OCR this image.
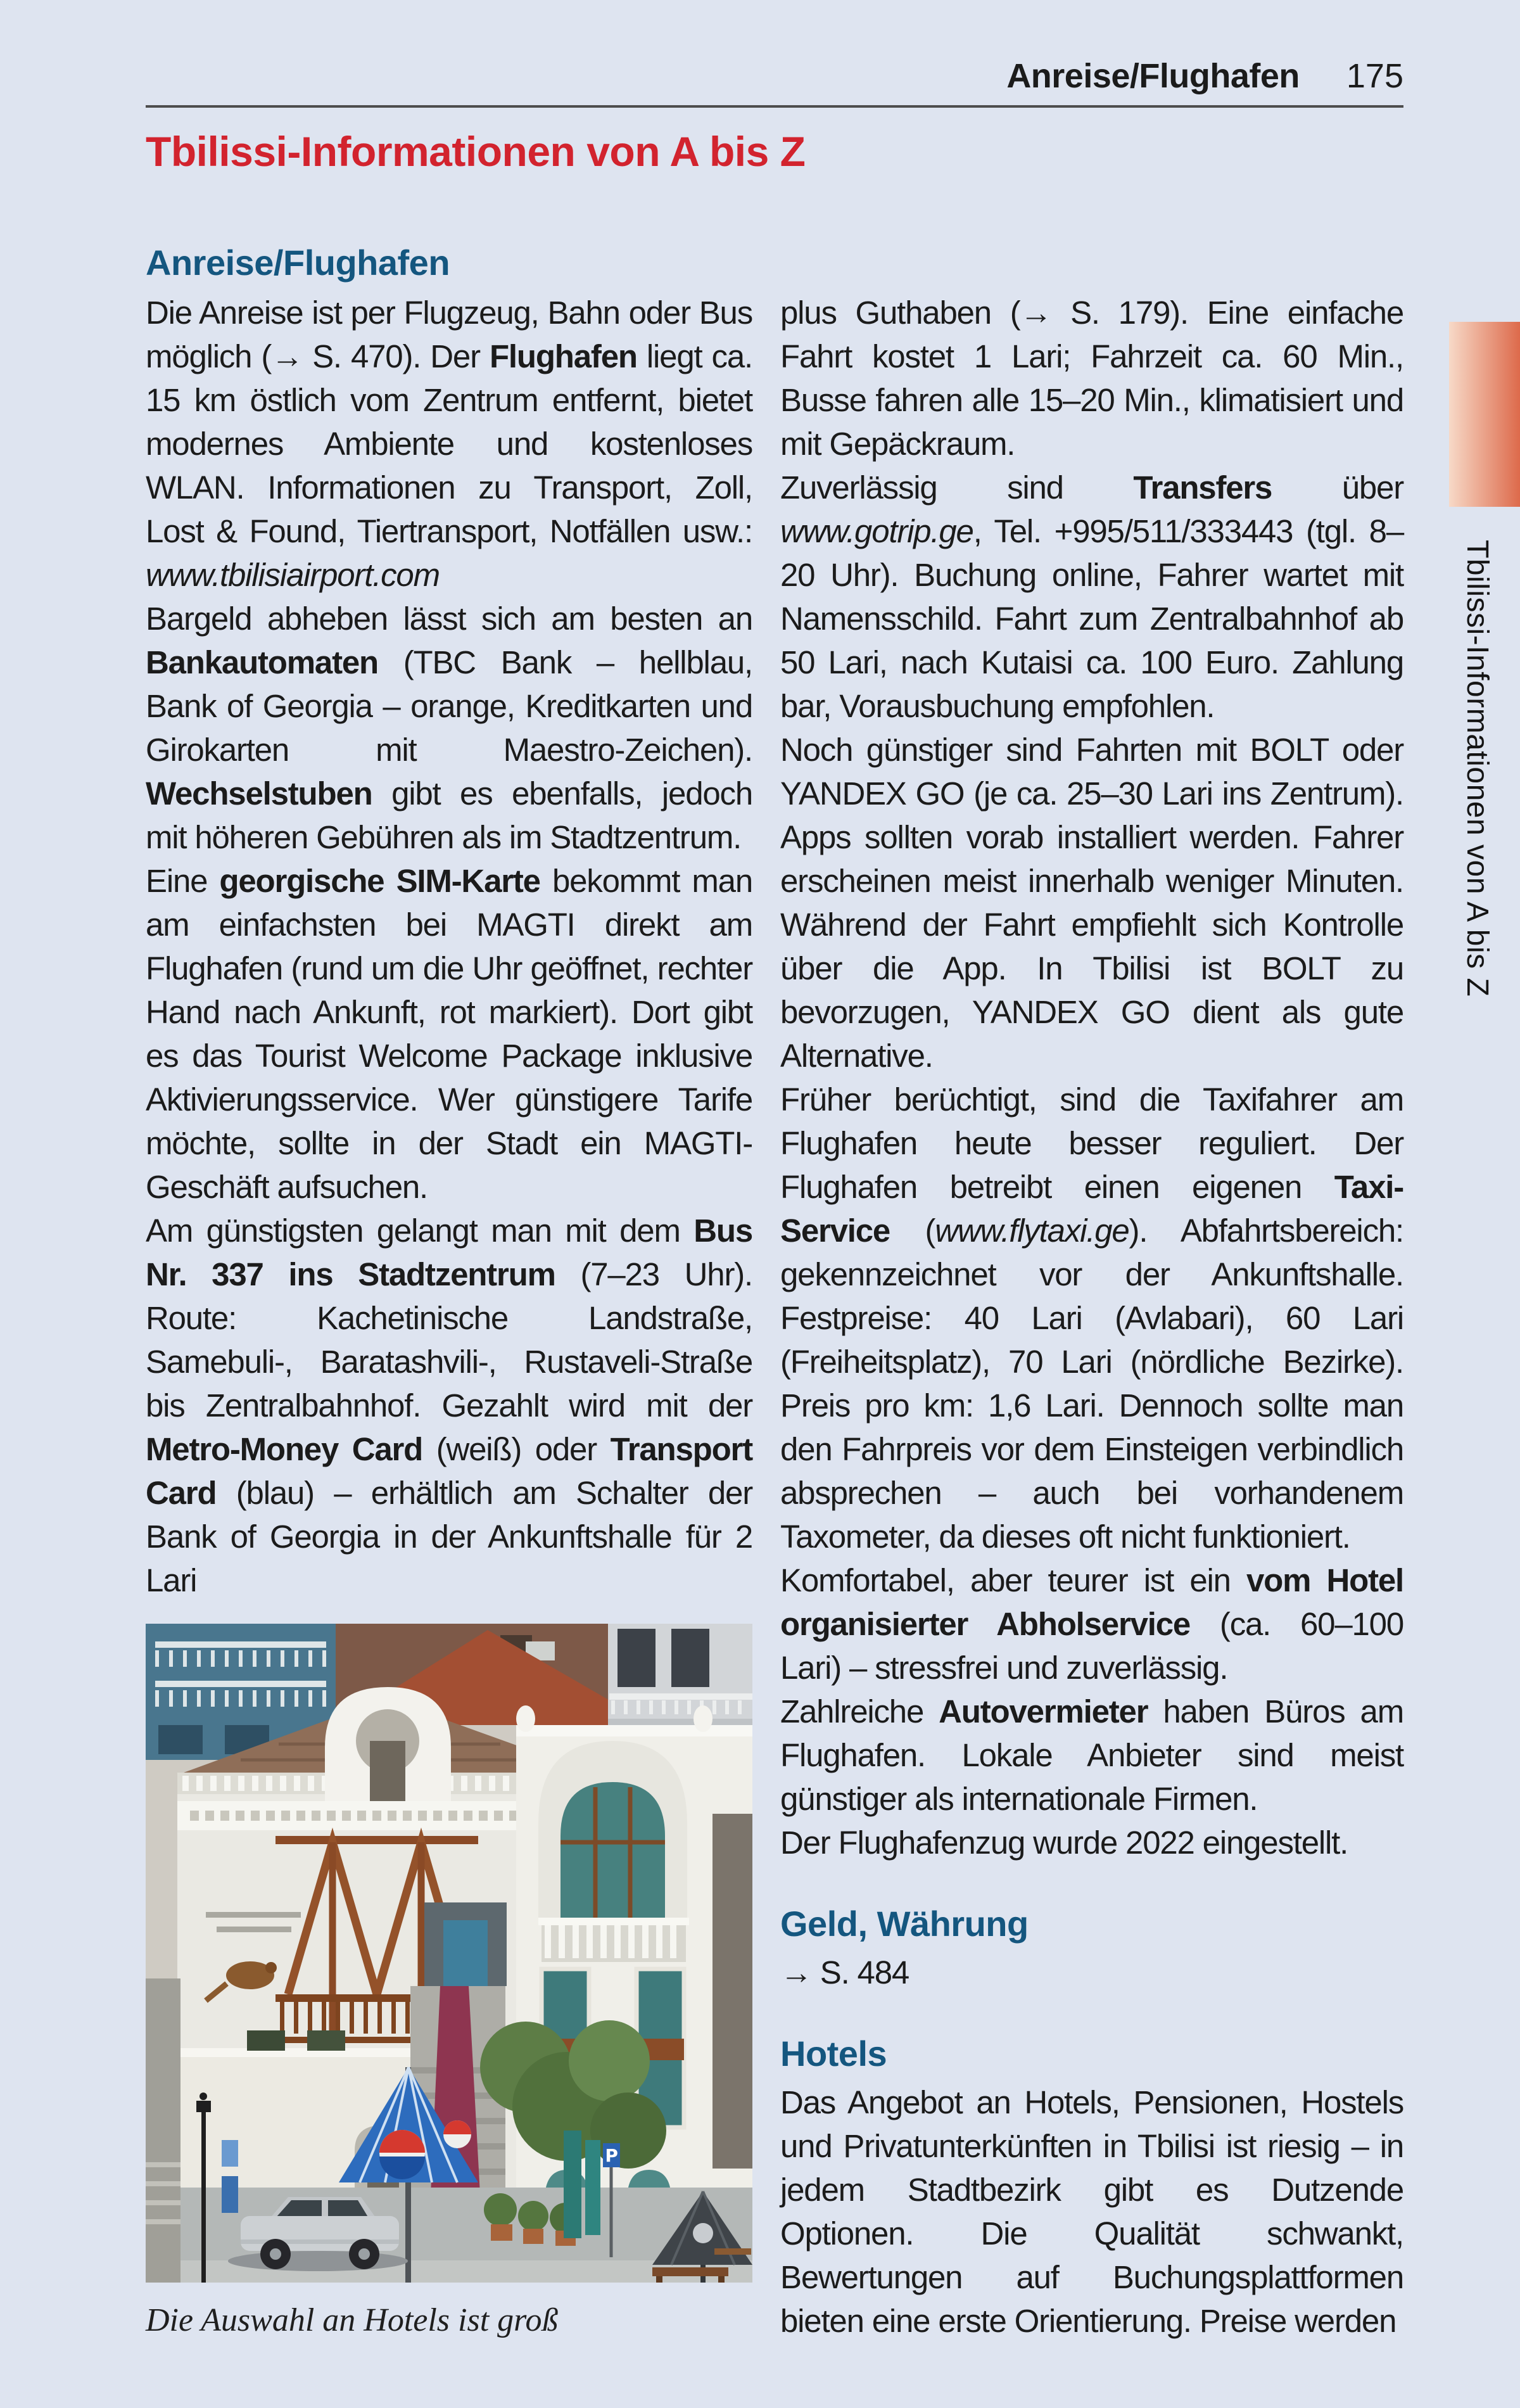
Anreise/Flughafen 175
Tbilissi-Informationen von A bis Z
Anreise/Flughafen

Die Anreise ist per Flugzeug, Bahn oder Bus möglich (→ S. 470). Der Flughafen liegt ca. 15 km östlich vom Zentrum entfernt, bietet modernes Ambiente und kostenloses WLAN. Informationen zu Transport, Zoll, Lost & Found, Tiertransport, Notfällen usw.: www.tbilisiairport.com

Bargeld abheben lässt sich am besten an Bankautomaten (TBC Bank – hellblau, Bank of Georgia – orange, Kreditkarten und Girokarten mit Maestro-Zeichen). Wechselstuben gibt es ebenfalls, jedoch mit höheren Gebühren als im Stadtzentrum.

Eine georgische SIM-Karte bekommt man am einfachsten bei MAGTI direkt am Flughafen (rund um die Uhr geöffnet, rechter Hand nach Ankunft, rot markiert). Dort gibt es das Tourist Welcome Package inklusive Aktivierungsservice. Wer günstigere Tarife möchte, sollte in der Stadt ein MAGTI-Geschäft aufsuchen.

Am günstigsten gelangt man mit dem Bus Nr. 337 ins Stadtzentrum (7–23 Uhr). Route: Kachetinische Landstraße, Samebuli-, Baratashvili-, Rustaveli-Straße bis Zentralbahnhof. Gezahlt wird mit der Metro-Money Card (weiß) oder Transport Card (blau) – erhältlich am Schalter der Bank of Georgia in der Ankunftshalle für 2 Lari

P
Die Auswahl an Hotels ist groß

plus Guthaben (→ S. 179). Eine einfache Fahrt kostet 1 Lari; Fahrzeit ca. 60 Min., Busse fahren alle 15–20 Min., klimatisiert und mit Gepäckraum.

Zuverlässig sind Transfers über www.gotrip.ge, Tel. +995/511/333443 (tgl. 8–20 Uhr). Buchung online, Fahrer wartet mit Namensschild. Fahrt zum Zentralbahnhof ab 50 Lari, nach Kutaisi ca. 100 Euro. Zahlung bar, Vorausbuchung empfohlen.

Noch günstiger sind Fahrten mit BOLT oder YANDEX GO (je ca. 25–30 Lari ins Zentrum). Apps sollten vorab installiert werden. Fahrer erscheinen meist innerhalb weniger Minuten. Während der Fahrt empfiehlt sich Kontrolle über die App. In Tbilisi ist BOLT zu bevorzugen, YANDEX GO dient als gute Alternative.

Früher berüchtigt, sind die Taxifahrer am Flughafen heute besser reguliert. Der Flughafen betreibt einen eigenen Taxi-Service (www.flytaxi.ge). Abfahrtsbereich: gekennzeichnet vor der Ankunftshalle. Festpreise: 40 Lari (Avlabari), 60 Lari (Freiheitsplatz), 70 Lari (nördliche Bezirke). Preis pro km: 1,6 Lari. Dennoch sollte man den Fahrpreis vor dem Einsteigen verbindlich absprechen – auch bei vorhandenem Taxometer, da dieses oft nicht funktioniert.

Komfortabel, aber teurer ist ein vom Hotel organisierter Abholservice (ca. 60–100 Lari) – stressfrei und zuverlässig.

Zahlreiche Autovermieter haben Büros am Flughafen. Lokale Anbieter sind meist günstiger als internationale Firmen.

Der Flughafenzug wurde 2022 eingestellt.

Geld, Währung

→ S. 484

Hotels

Das Angebot an Hotels, Pensionen, Hostels und Privatunterkünften in Tbilisi ist riesig – in jedem Stadtbezirk gibt es Dutzende Optionen. Die Qualität schwankt, Bewertungen auf Buchungsplattformen bieten eine erste Orientierung. Preise werden

Tbilissi-Informationen von A bis Z
